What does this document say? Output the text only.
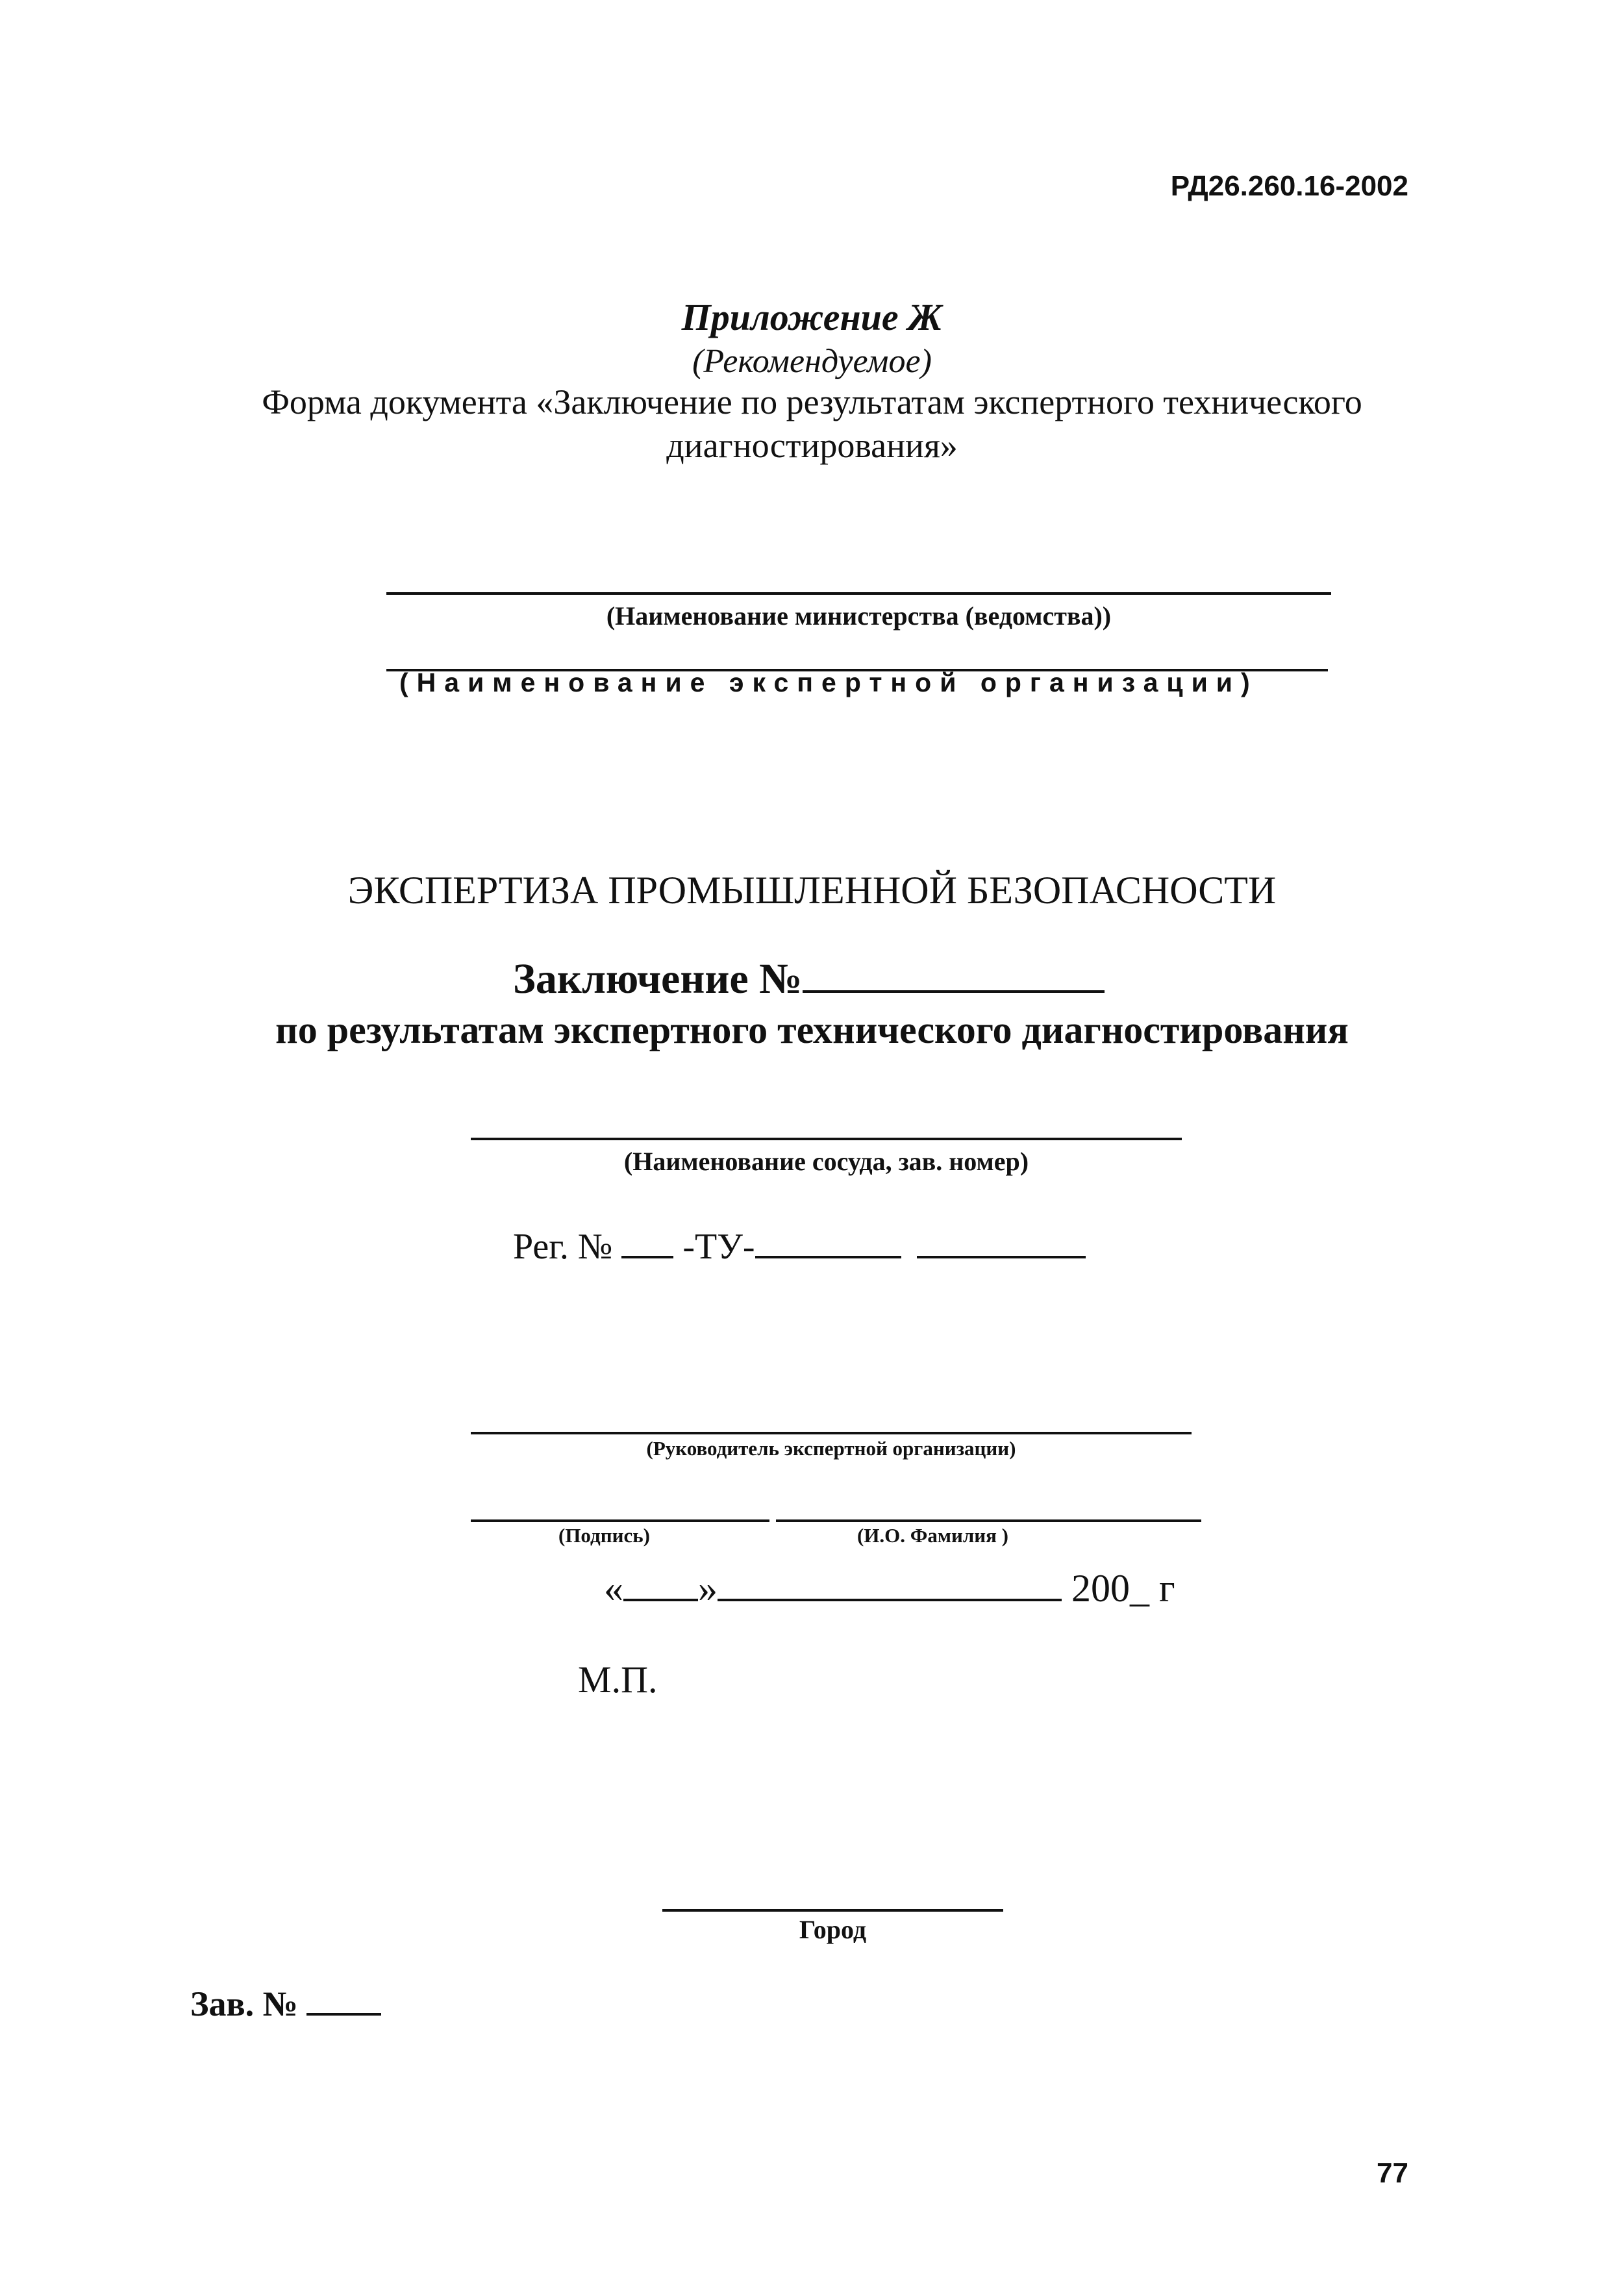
РД26.260.16-2002
Приложение Ж
(Рекомендуемое)
Форма документа «Заключение по результатам экспертного технического
диагностирования»
(Наименование министерства (ведомства))
(Наименование экспертной организации)
ЭКСПЕРТИЗА ПРОМЫШЛЕННОЙ БЕЗОПАСНОСТИ
Заключение №
по результатам экспертного технического диагностирования
(Наименование сосуда, зав. номер)
Рег. № -ТУ-
(Руководитель экспертной организации)
(Подпись)	(И.О. Фамилия )
« »	200_ г
М.П.
Город
Зав. №
77
